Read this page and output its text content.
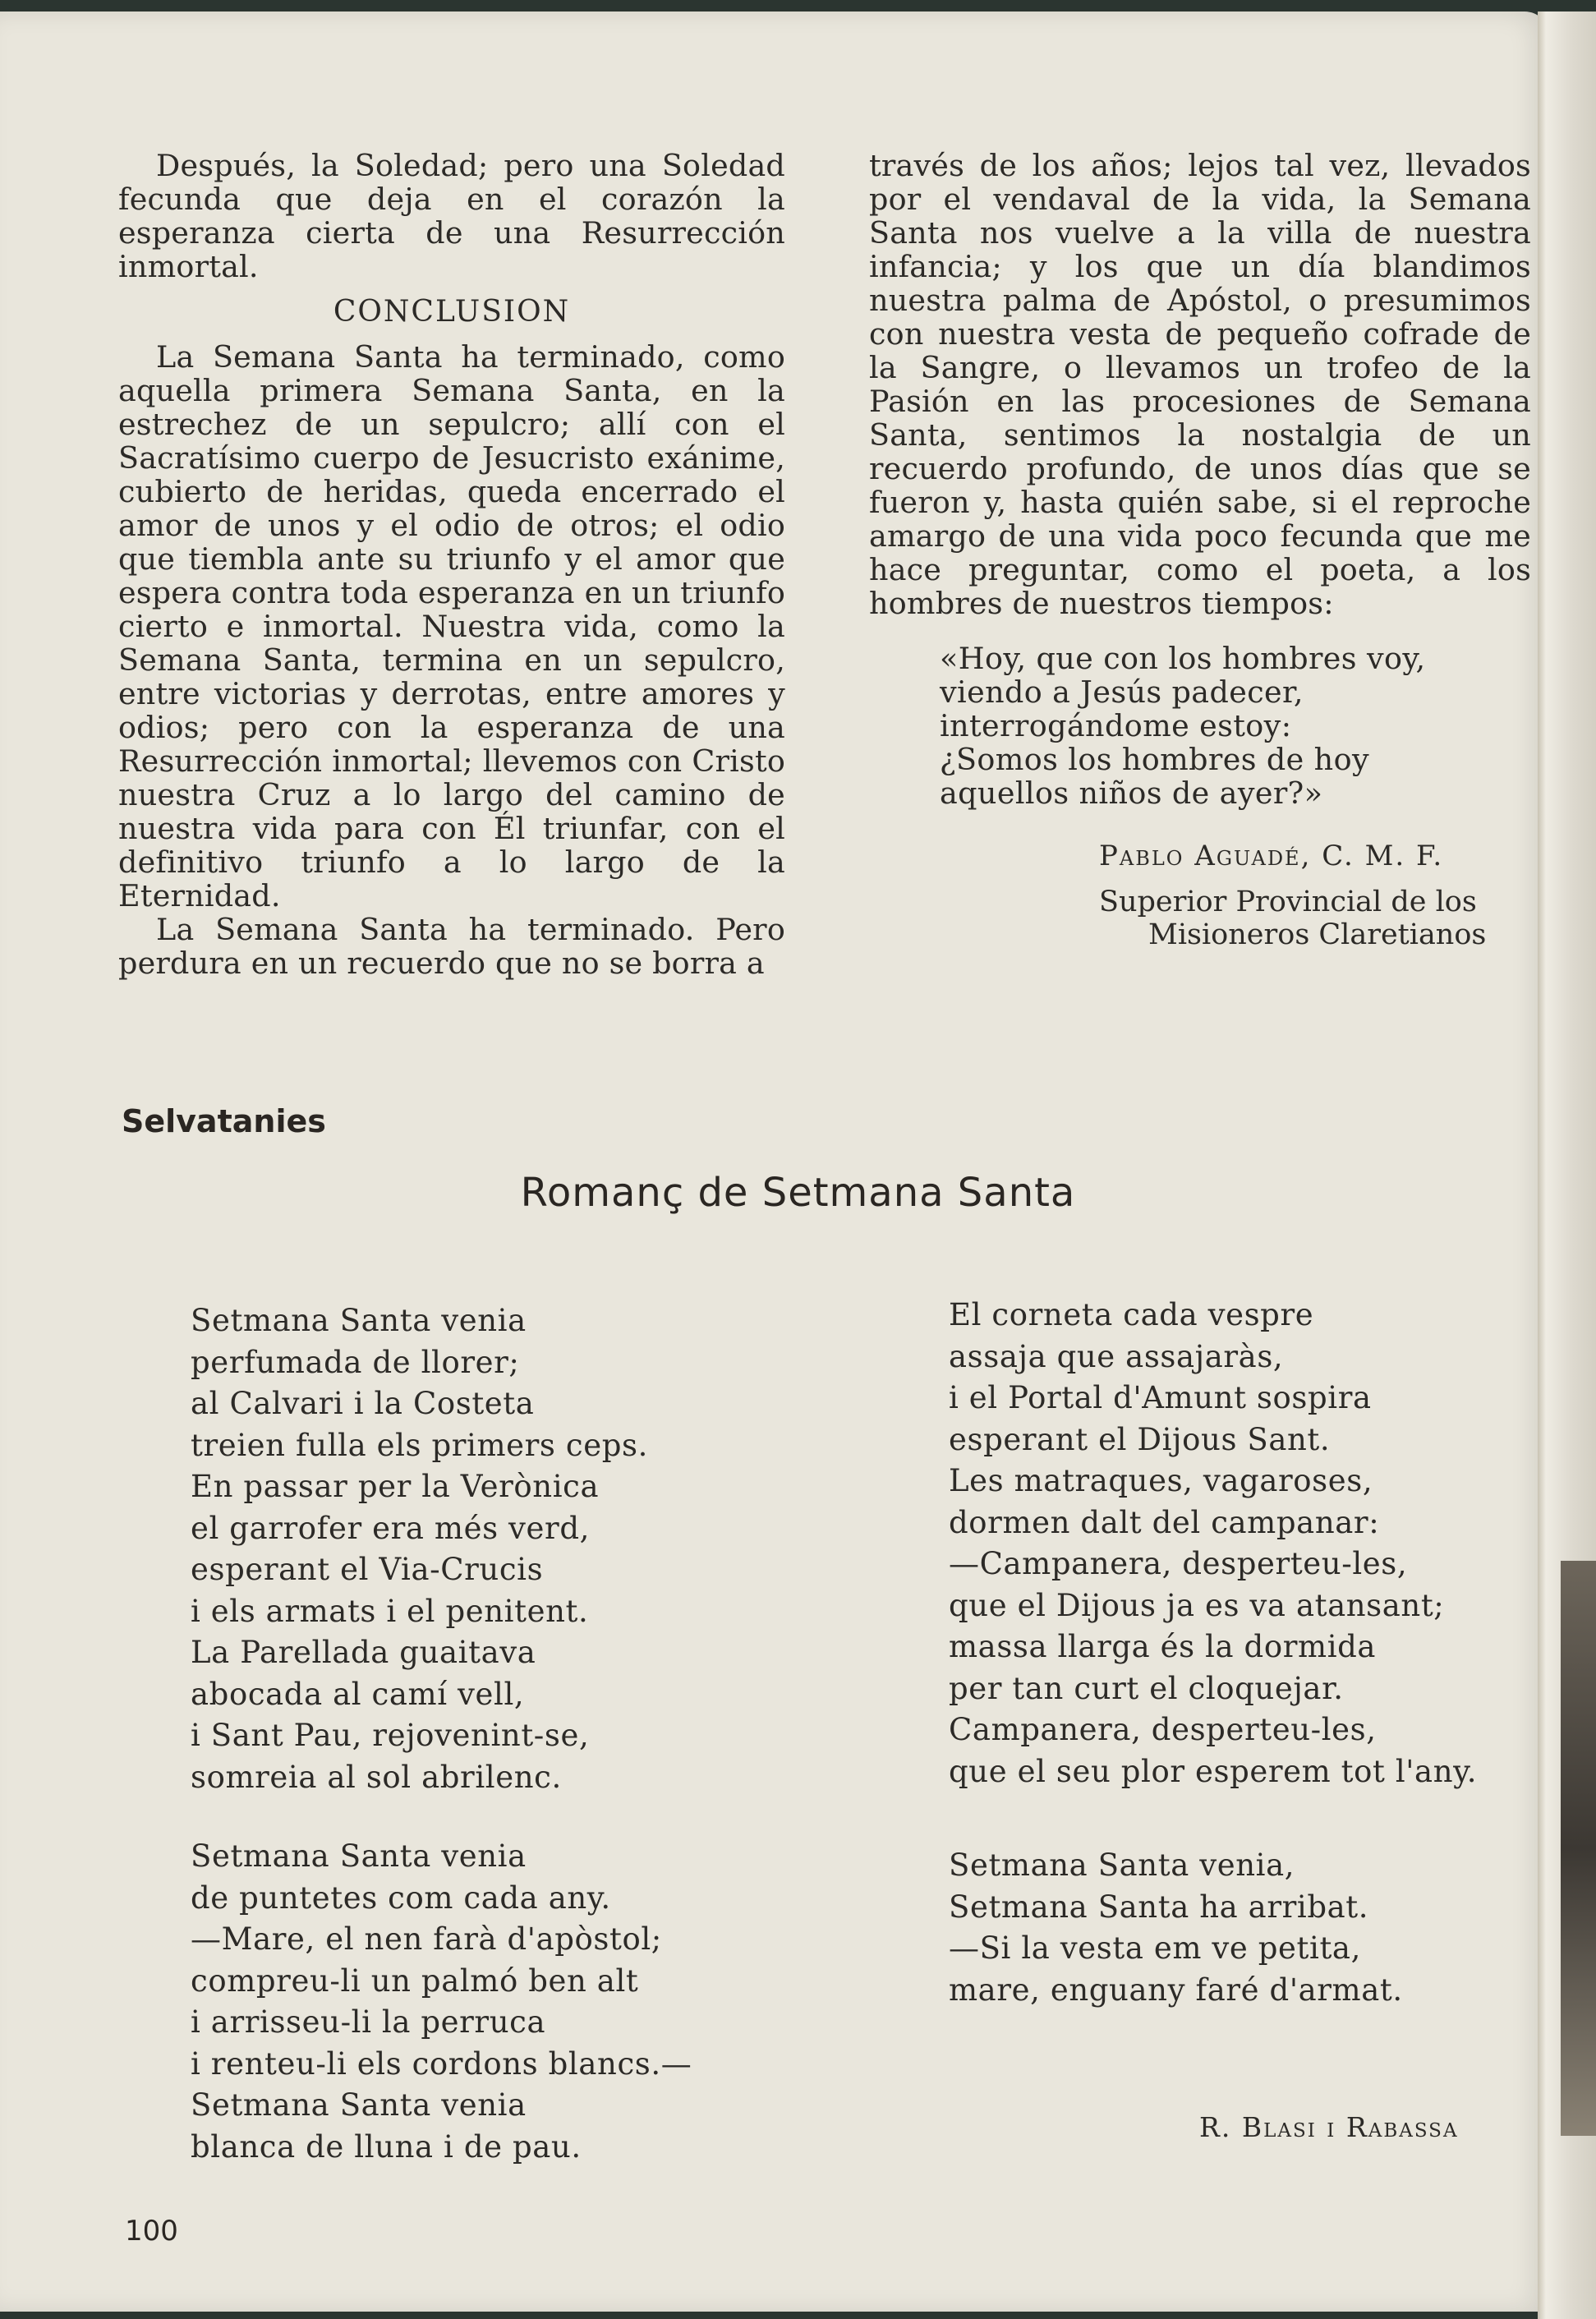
Después, la Soledad; pero una Soledad fecunda que deja en el corazón la esperanza cierta de una Resurrección inmortal.

CONCLUSION

La Semana Santa ha terminado, como aquella primera Semana Santa, en la estrechez de un sepulcro; allí con el Sacratísimo cuerpo de Jesucristo exánime, cubierto de heridas, queda encerrado el amor de unos y el odio de otros; el odio que tiembla ante su triunfo y el amor que espera contra toda esperanza en un triunfo cierto e inmortal. Nuestra vida, como la Semana Santa, termina en un sepulcro, entre victorias y derrotas, entre amores y odios; pero con la esperanza de una Resurrección inmortal; llevemos con Cristo nuestra Cruz a lo largo del camino de nuestra vida para con Él triunfar, con el definitivo triunfo a lo largo de la Eternidad.

La Semana Santa ha terminado. Pero perdura en un recuerdo que no se borra a

través de los años; lejos tal vez, llevados por el vendaval de la vida, la Semana Santa nos vuelve a la villa de nuestra infancia; y los que un día blandimos nuestra palma de Apóstol, o presumimos con nuestra vesta de pequeño cofrade de la Sangre, o llevamos un trofeo de la Pasión en las procesiones de Semana Santa, sentimos la nostalgia de un recuerdo profundo, de unos días que se fueron y, hasta quién sabe, si el reproche amargo de una vida poco fecunda que me hace preguntar, como el poeta, a los hombres de nuestros tiempos:

«Hoy, que con los hombres voy,

viendo a Jesús padecer,

interrogándome estoy:

¿Somos los hombres de hoy

aquellos niños de ayer?»

Pablo Aguadé, C. M. F.
Superior Provincial de los
Misioneros Claretianos
Selvatanies
Romanç de Setmana Santa

Setmana Santa venia

perfumada de llorer;

al Calvari i la Costeta

treien fulla els primers ceps.

En passar per la Verònica

el garrofer era més verd,

esperant el Via-Crucis

i els armats i el penitent.

La Parellada guaitava

abocada al camí vell,

i Sant Pau, rejovenint-se,

somreia al sol abrilenc.

Setmana Santa venia

de puntetes com cada any.

—Mare, el nen farà d'apòstol;

compreu-li un palmó ben alt

i arrisseu-li la perruca

i renteu-li els cordons blancs.—

Setmana Santa venia

blanca de lluna i de pau.

El corneta cada vespre

assaja que assajaràs,

i el Portal d'Amunt sospira

esperant el Dijous Sant.

Les matraques, vagaroses,

dormen dalt del campanar:

—Campanera, desperteu-les,

que el Dijous ja es va atansant;

massa llarga és la dormida

per tan curt el cloquejar.

Campanera, desperteu-les,

que el seu plor esperem tot l'any.

Setmana Santa venia,

Setmana Santa ha arribat.

—Si la vesta em ve petita,

mare, enguany faré d'armat.

R. Blasi i Rabassa
100
